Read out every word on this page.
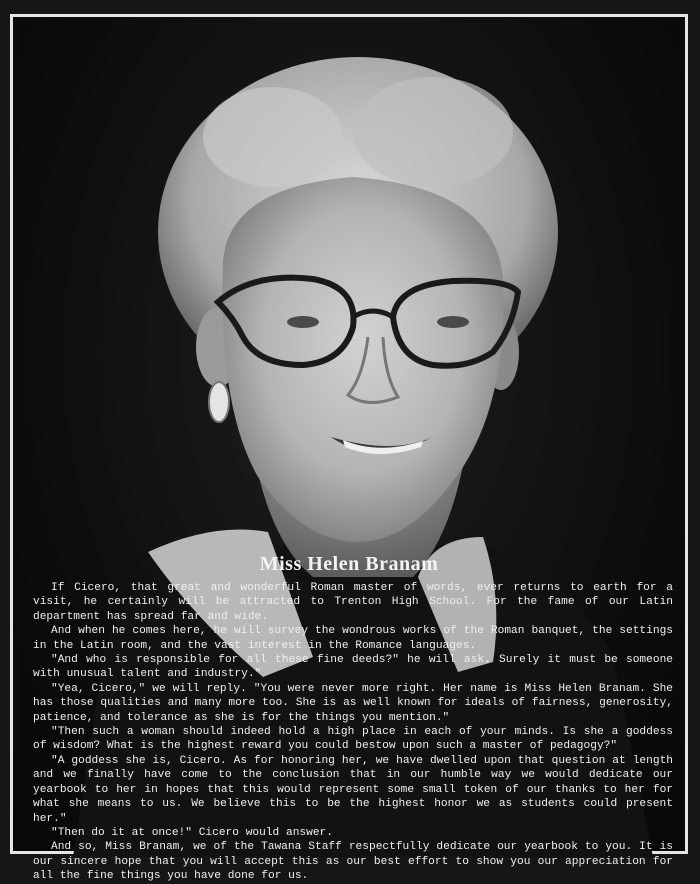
Miss Helen Branam

If Cicero, that great and wonderful Roman master of words, ever returns to earth for a visit, he certainly will be attracted to Trenton High School. For the fame of our Latin department has spread far and wide.

And when he comes here, he will survey the wondrous works of the Roman banquet, the settings in the Latin room, and the vast interest in the Romance languages.

"And who is responsible for all these fine deeds?" he will ask. Surely it must be someone with unusual talent and industry."

"Yea, Cicero," we will reply. "You were never more right. Her name is Miss Helen Branam. She has those qualities and many more too. She is as well known for ideals of fairness, generosity, patience, and tolerance as she is for the things you mention."

"Then such a woman should indeed hold a high place in each of your minds. Is she a goddess of wisdom? What is the highest reward you could bestow upon such a master of pedagogy?"

"A goddess she is, Cicero. As for honoring her, we have dwelled upon that question at length and we finally have come to the conclusion that in our humble way we would dedicate our yearbook to her in hopes that this would represent some small token of our thanks to her for what she means to us. We believe this to be the highest honor we as students could present her."

"Then do it at once!" Cicero would answer.

And so, Miss Branam, we of the Tawana Staff respectfully dedicate our yearbook to you. It is our sincere hope that you will accept this as our best effort to show you our appreciation for all the fine things you have done for us.
